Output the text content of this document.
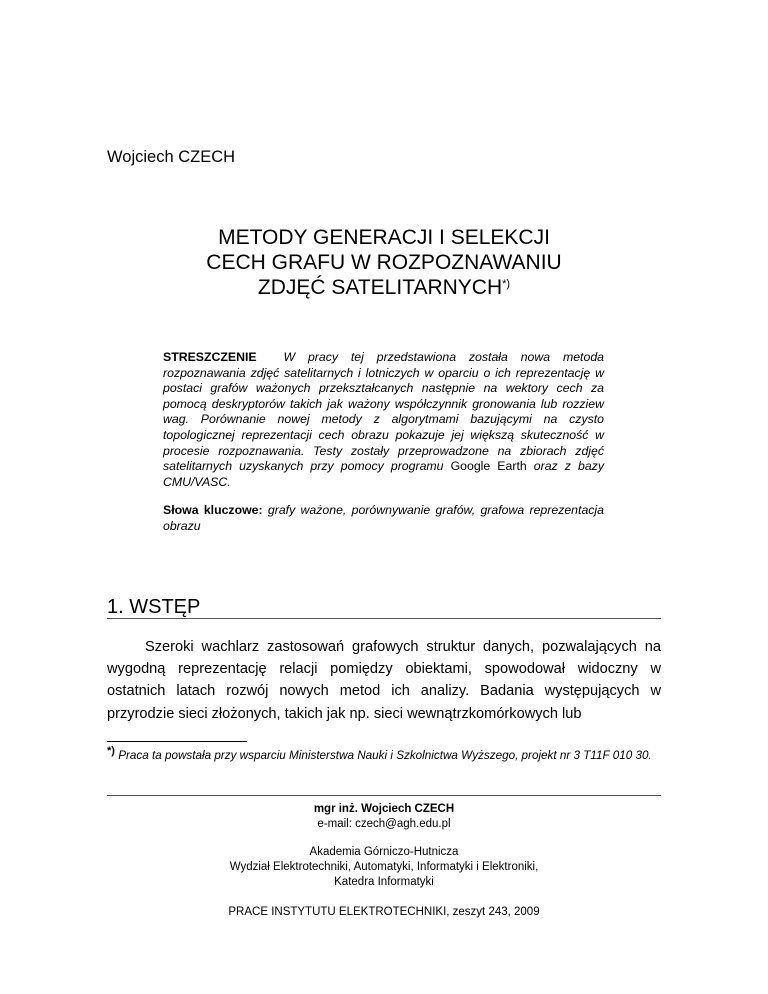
Wojciech CZECH
METODY GENERACJI I SELEKCJI
CECH GRAFU W ROZPOZNAWANIU
ZDJĘĆ SATELITARNYCH*)
STRESZCZENIE W pracy tej przedstawiona została nowa metoda rozpoznawania zdjęć satelitarnych i lotniczych w oparciu o ich reprezentację w postaci grafów ważonych przekształcanych następnie na wektory cech za pomocą deskryptorów takich jak ważony współczynnik gronowania lub rozziew wag. Porównanie nowej metody z algorytmami bazującymi na czysto topologicznej reprezentacji cech obrazu pokazuje jej większą skuteczność w procesie rozpoznawania. Testy zostały przeprowadzone na zbiorach zdjęć satelitarnych uzyskanych przy pomocy programu Google Earth oraz z bazy CMU/VASC.
Słowa kluczowe: grafy ważone, porównywanie grafów, grafowa reprezentacja obrazu
1. WSTĘP
Szeroki wachlarz zastosowań grafowych struktur danych, pozwalających na wygodną reprezentację relacji pomiędzy obiektami, spowodował widoczny w ostatnich latach rozwój nowych metod ich analizy. Badania występujących w przyrodzie sieci złożonych, takich jak np. sieci wewnątrzkomórkowych lub
*) Praca ta powstała przy wsparciu Ministerstwa Nauki i Szkolnictwa Wyższego, projekt nr 3 T11F 010 30.
mgr inż. Wojciech CZECH
e-mail: czech@agh.edu.pl
Akademia Górniczo-Hutnicza
Wydział Elektrotechniki, Automatyki, Informatyki i Elektroniki,
Katedra Informatyki
PRACE INSTYTUTU ELEKTROTECHNIKI, zeszyt 243, 2009
